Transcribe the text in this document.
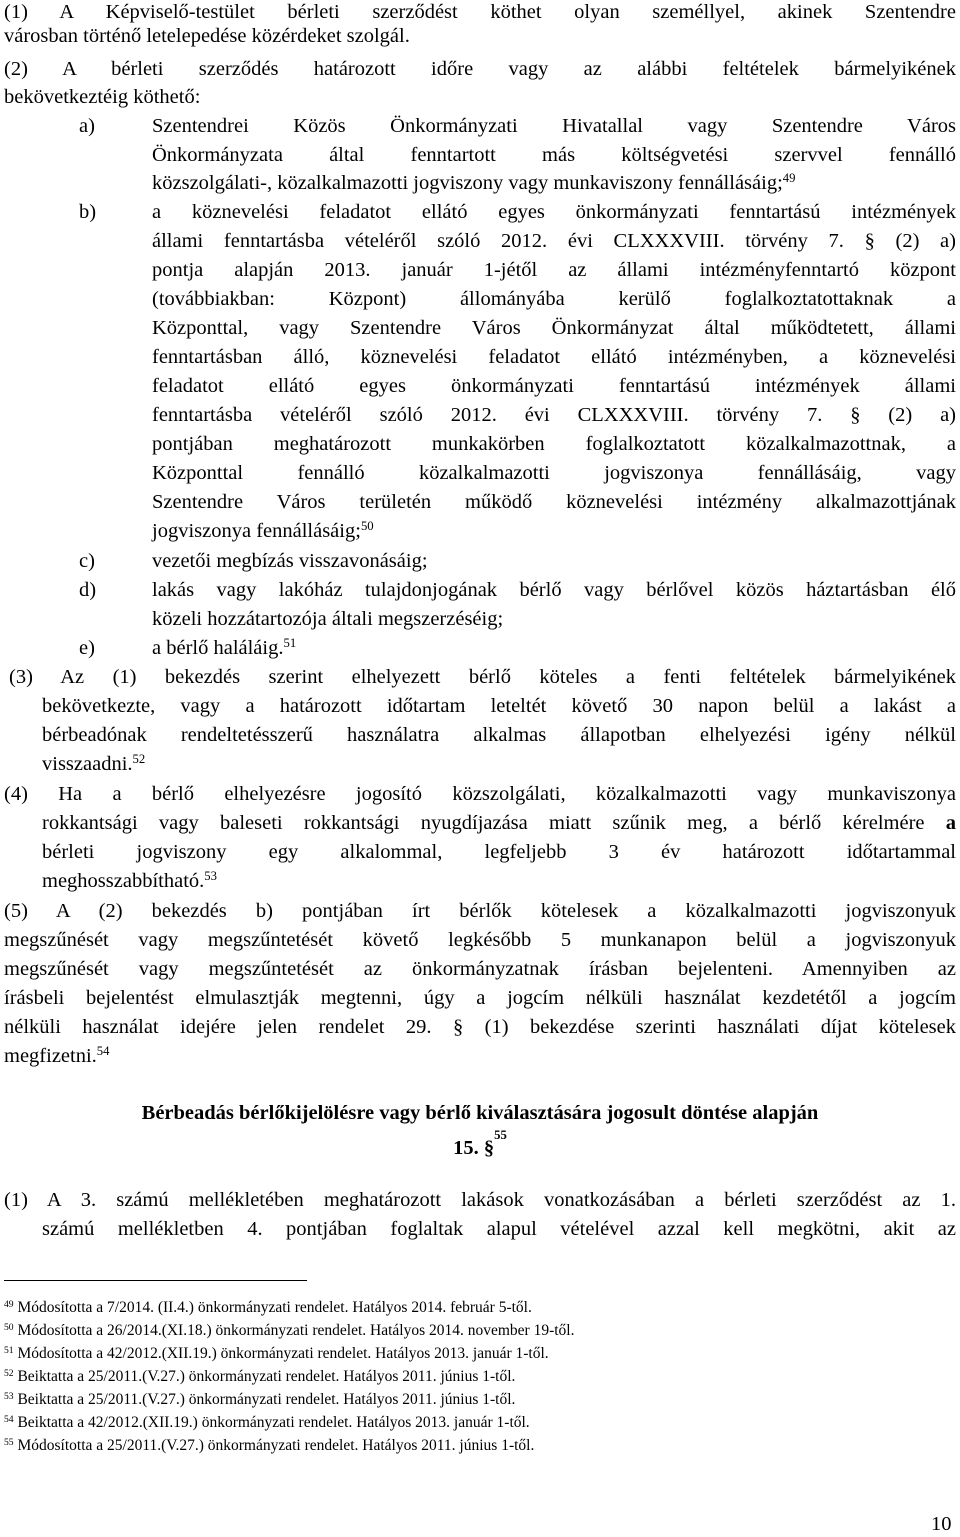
(1) A Képviselő-testület bérleti szerződést köthet olyan személlyel, akinek Szentendre
városban történő letelepedése közérdeket szolgál.
(2) A bérleti szerződés határozott időre vagy az alábbi feltételek bármelyikének
bekövetkeztéig köthető:
a)	Szentendrei Közös Önkormányzati Hivatallal vagy Szentendre Város
Önkormányzata által fenntartott más költségvetési szervvel fennálló
közszolgálati-, közalkalmazotti jogviszony vagy munkaviszony fennállásáig;$^{49}$
b)	a köznevelési feladatot ellátó egyes önkormányzati fenntartású intézmények
állami fenntartásba vételéről szóló 2012. évi CLXXXVIII. törvény 7. § (2) a)
pontja alapján 2013. január 1-jétől az állami intézményfenntartó központ
(továbbiakban: Központ) állományába kerülő foglalkoztatottaknak a
Központtal, vagy Szentendre Város Önkormányzat által működtetett, állami
fenntartásban álló, köznevelési feladatot ellátó intézményben, a köznevelési
feladatot ellátó egyes önkormányzati fenntartású intézmények állami
fenntartásba vételéről szóló 2012. évi CLXXXVIII. törvény 7. § (2) a)
pontjában meghatározott munkakörben foglalkoztatott közalkalmazottnak, a
Központtal fennálló közalkalmazotti jogviszonya fennállásáig, vagy
Szentendre Város területén működő köznevelési intézmény alkalmazottjának
jogviszonya fennállásáig;$^{50}$
c)	vezetői megbízás visszavonásáig;
d)	lakás vagy lakóház tulajdonjogának bérlő vagy bérlővel közös háztartásban élő
közeli hozzátartozója általi megszerzéséig;
e)	a bérlő haláláig.$^{51}$
(3) Az (1) bekezdés szerint elhelyezett bérlő köteles a fenti feltételek bármelyikének
bekövetkezte, vagy a határozott időtartam leteltét követő 30 napon belül a lakást a
bérbeadónak rendeltetésszerű használatra alkalmas állapotban elhelyezési igény nélkül
visszaadni.$^{52}$
(4) Ha a bérlő elhelyezésre jogosító közszolgálati, közalkalmazotti vagy munkaviszonya
rokkantsági vagy baleseti rokkantsági nyugdíjazása miatt szűnik meg, a bérlő kérelmére a
bérleti jogviszony egy alkalommal, legfeljebb 3 év határozott időtartammal
meghosszabbítható.$^{53}$
(5) A (2) bekezdés b) pontjában írt bérlők kötelesek a közalkalmazotti jogviszonyuk
megszűnését vagy megszűntetését követő legkésőbb 5 munkanapon belül a jogviszonyuk
megszűnését vagy megszűntetését az önkormányzatnak írásban bejelenteni. Amennyiben az
írásbeli bejelentést elmulasztják megtenni, úgy a jogcím nélküli használat kezdetétől a jogcím
nélküli használat idejére jelen rendelet 29. § (1) bekezdése szerinti használati díjat kötelesek
megfizetni.$^{54}$
Bérbeadás bérlőkijelölésre vagy bérlő kiválasztására jogosult döntése alapján
15. §$^{55}$
(1) A 3. számú mellékletében meghatározott lakások vonatkozásában a bérleti szerződést az 1.
számú mellékletben 4. pontjában foglaltak alapul vételével azzal kell megkötni, akit az
$^{49}$ Módosította a 7/2014. (II.4.) önkormányzati rendelet. Hatályos 2014. február 5-től.
$^{50}$ Módosította a 26/2014.(XI.18.) önkormányzati rendelet. Hatályos 2014. november 19-től.
$^{51}$ Módosította a 42/2012.(XII.19.) önkormányzati rendelet. Hatályos 2013. január 1-től.
$^{52}$ Beiktatta a 25/2011.(V.27.) önkormányzati rendelet. Hatályos 2011. június 1-től.
$^{53}$ Beiktatta a 25/2011.(V.27.) önkormányzati rendelet. Hatályos 2011. június 1-től.
$^{54}$ Beiktatta a 42/2012.(XII.19.) önkormányzati rendelet. Hatályos 2013. január 1-től.
$^{55}$ Módosította a 25/2011.(V.27.) önkormányzati rendelet. Hatályos 2011. június 1-től.
10
